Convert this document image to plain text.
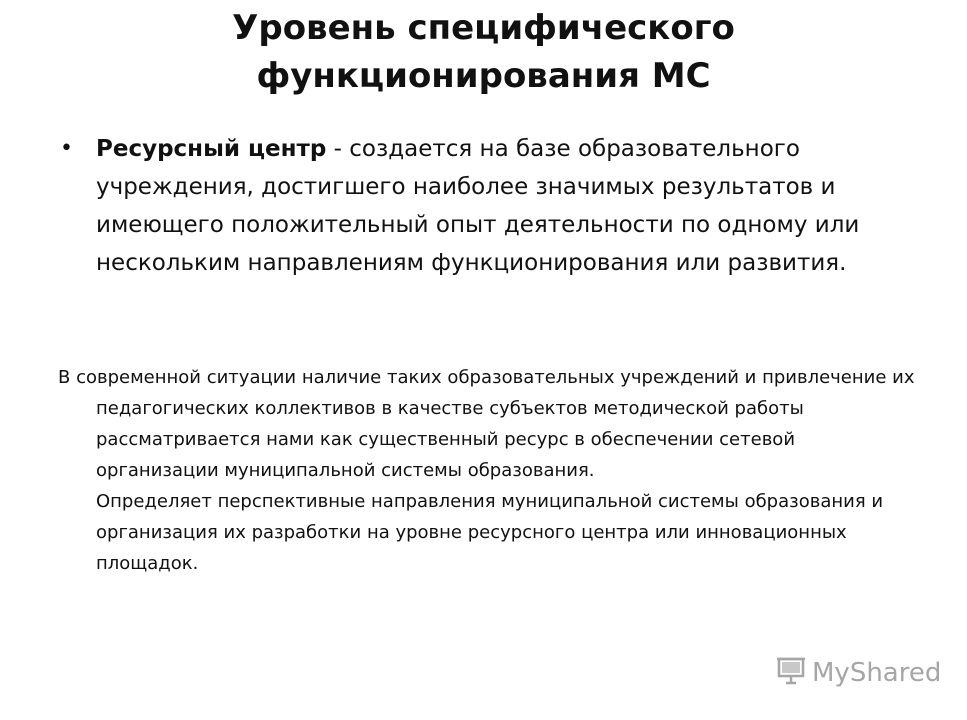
Уровень специфического
функционирования МС
• Ресурсный центр - создается на базе образовательного учреждения, достигшего наиболее значимых результатов и имеющего положительный опыт деятельности по одному или нескольким направлениям функционирования или развития.
В современной ситуации наличие таких образовательных учреждений и привлечение их педагогических коллективов в качестве субъектов методической работы рассматривается нами как существенный ресурс в обеспечении сетевой организации муниципальной системы образования.
Определяет перспективные направления муниципальной системы образования и организация их разработки на уровне ресурсного центра или инновационных площадок.
MyShared
